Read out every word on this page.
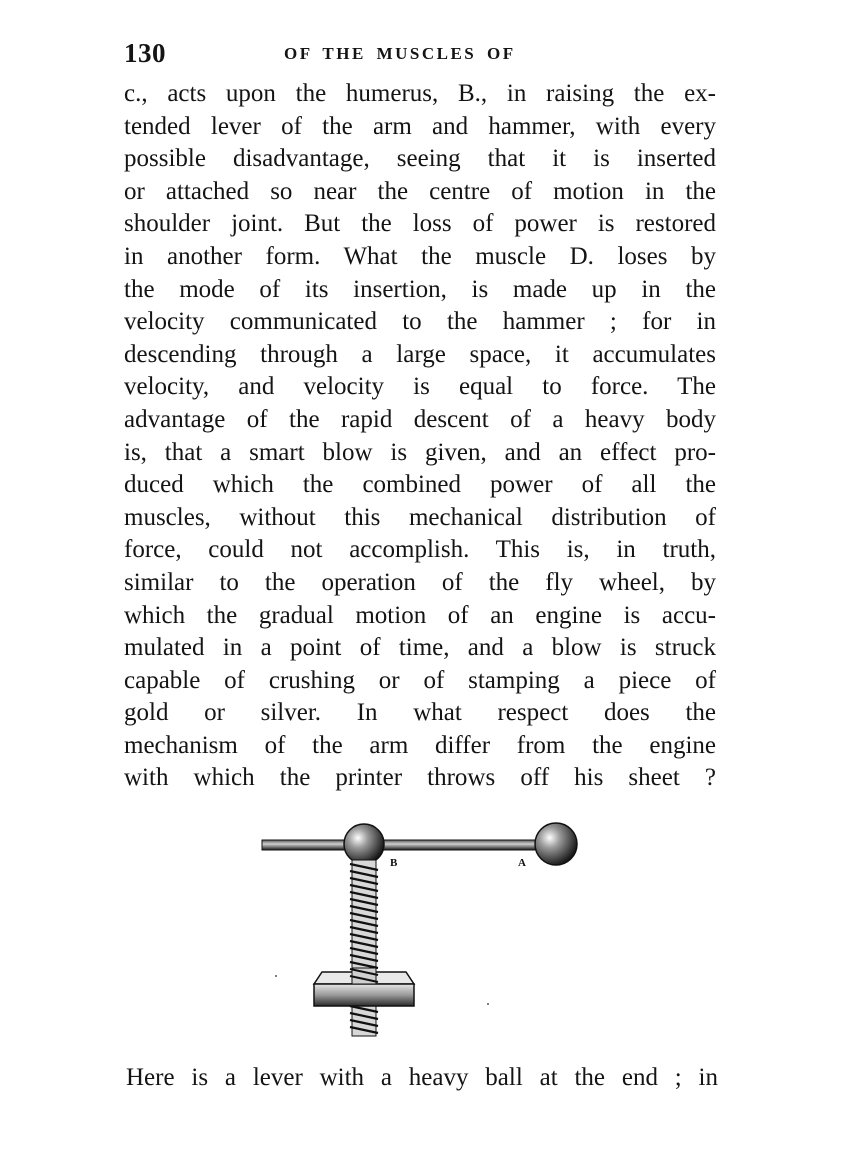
130	OF THE MUSCLES OF
c., acts upon the humerus, B., in raising the ex-
tended lever of the arm and hammer, with every
possible disadvantage, seeing that it is inserted
or attached so near the centre of motion in the
shoulder joint. But the loss of power is restored
in another form. What the muscle D. loses by
the mode of its insertion, is made up in the
velocity communicated to the hammer ; for in
descending through a large space, it accumulates
velocity, and velocity is equal to force. The
advantage of the rapid descent of a heavy body
is, that a smart blow is given, and an effect pro-
duced which the combined power of all the
muscles, without this mechanical distribution of
force, could not accomplish. This is, in truth,
similar to the operation of the fly wheel, by
which the gradual motion of an engine is accu-
mulated in a point of time, and a blow is struck
capable of crushing or of stamping a piece of
gold or silver. In what respect does the
mechanism of the arm differ from the engine
with which the printer throws off his sheet ?
B	A
Here is a lever with a heavy ball at the end ; in
